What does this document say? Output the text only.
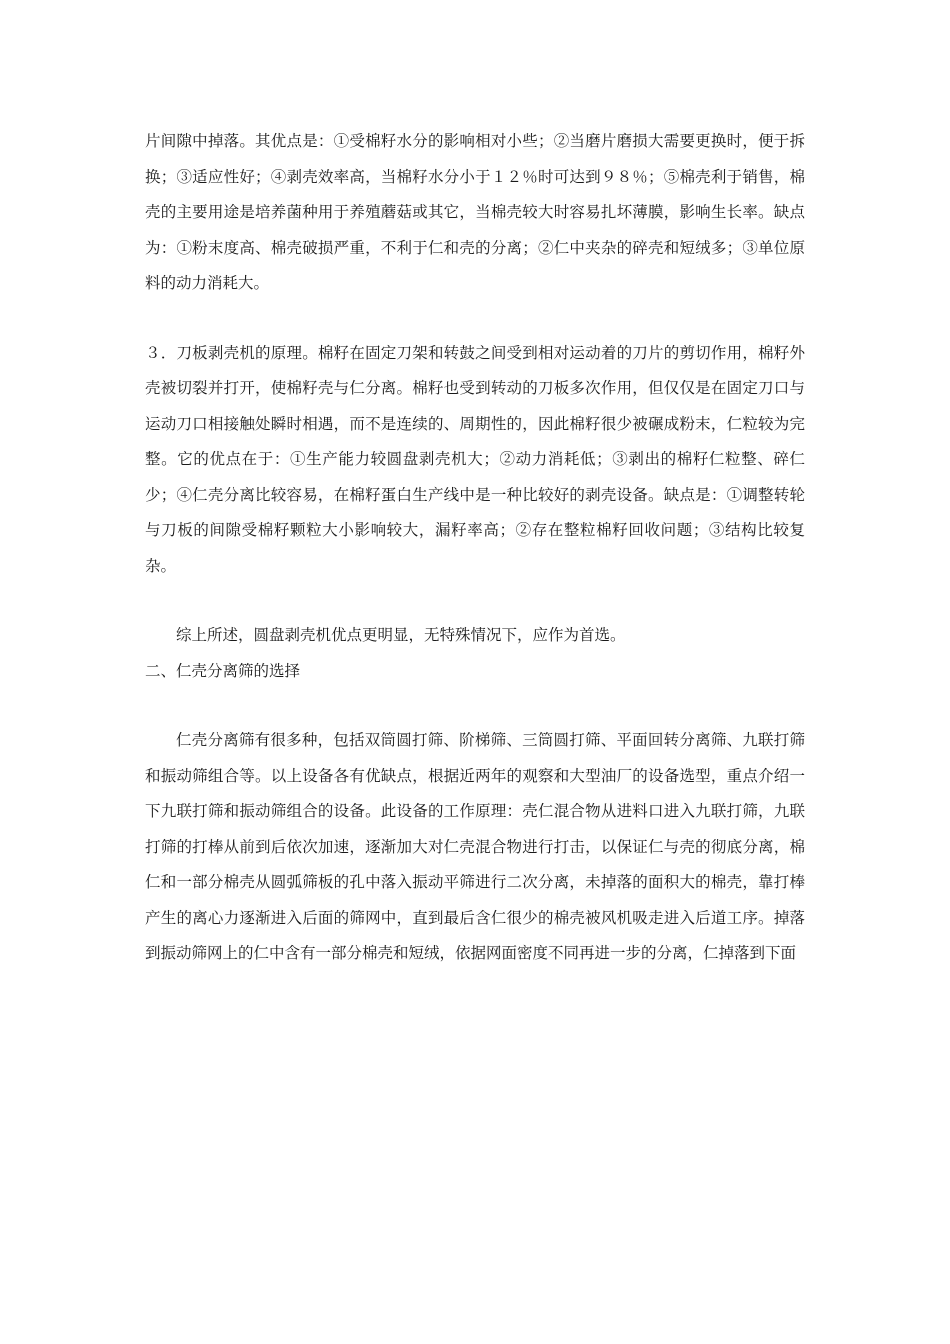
片间隙中掉落。其优点是：①受棉籽水分的影响相对小些；②当磨片磨损大需要更换时，便于拆换；③适应性好；④剥壳效率高，当棉籽水分小于１２％时可达到９８％；⑤棉壳利于销售，棉壳的主要用途是培养菌种用于养殖蘑菇或其它，当棉壳较大时容易扎坏薄膜，影响生长率。缺点为：①粉末度高、棉壳破损严重，不利于仁和壳的分离；②仁中夹杂的碎壳和短绒多；③单位原料的动力消耗大。

３．刀板剥壳机的原理。棉籽在固定刀架和转鼓之间受到相对运动着的刀片的剪切作用，棉籽外壳被切裂并打开，使棉籽壳与仁分离。棉籽也受到转动的刀板多次作用，但仅仅是在固定刀口与运动刀口相接触处瞬时相遇，而不是连续的、周期性的，因此棉籽很少被碾成粉末，仁粒较为完整。它的优点在于：①生产能力较圆盘剥壳机大；②动力消耗低；③剥出的棉籽仁粒整、碎仁少；④仁壳分离比较容易，在棉籽蛋白生产线中是一种比较好的剥壳设备。缺点是：①调整转轮与刀板的间隙受棉籽颗粒大小影响较大，漏籽率高；②存在整粒棉籽回收问题；③结构比较复杂。

综上所述，圆盘剥壳机优点更明显，无特殊情况下，应作为首选。

二、仁壳分离筛的选择

仁壳分离筛有很多种，包括双筒圆打筛、阶梯筛、三筒圆打筛、平面回转分离筛、九联打筛和振动筛组合等。以上设备各有优缺点，根据近两年的观察和大型油厂的设备选型，重点介绍一下九联打筛和振动筛组合的设备。此设备的工作原理：壳仁混合物从进料口进入九联打筛，九联打筛的打棒从前到后依次加速，逐渐加大对仁壳混合物进行打击，以保证仁与壳的彻底分离，棉仁和一部分棉壳从圆弧筛板的孔中落入振动平筛进行二次分离，未掉落的面积大的棉壳，靠打棒产生的离心力逐渐进入后面的筛网中，直到最后含仁很少的棉壳被风机吸走进入后道工序。掉落到振动筛网上的仁中含有一部分棉壳和短绒，依据网面密度不同再进一步的分离，仁掉落到下面
